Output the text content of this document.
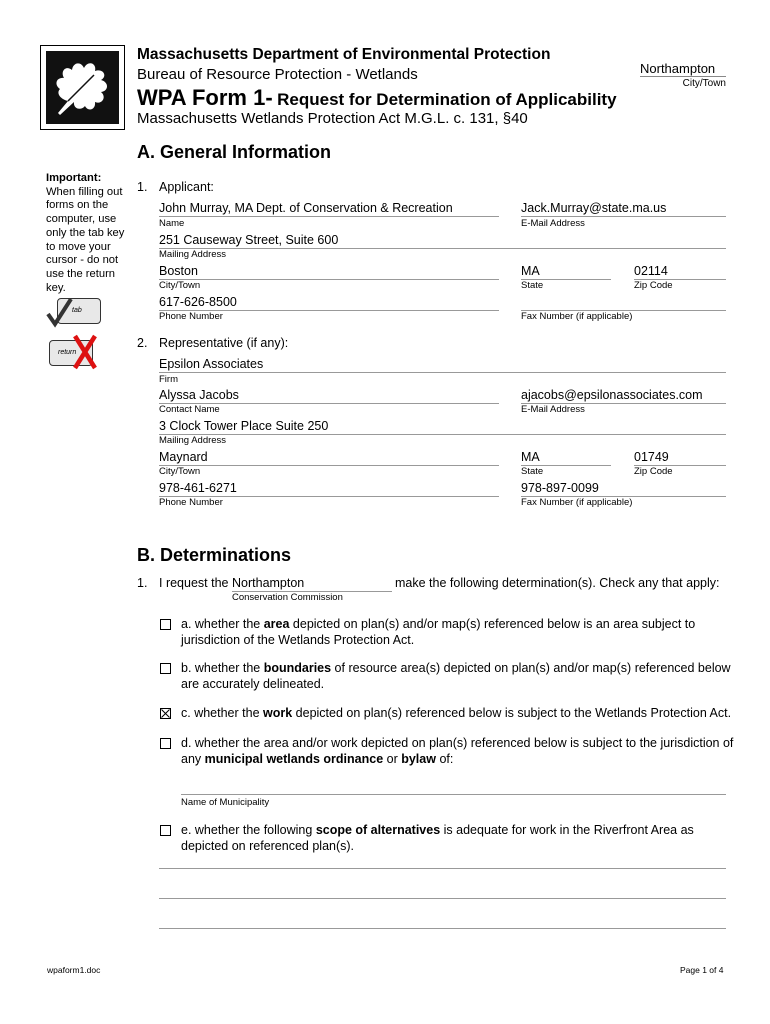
Massachusetts Department of Environmental Protection
Bureau of Resource Protection - Wetlands
WPA Form 1- Request for Determination of Applicability
Massachusetts Wetlands Protection Act M.G.L. c. 131, §40
Northampton
City/Town
A. General Information
Important:
When filling out forms on the computer, use only the tab key to move your cursor - do not use the return key.
tab
return
1. Applicant:
John Murray, MA Dept. of Conservation & Recreation
Name
Jack.Murray@state.ma.us
E-Mail Address
251 Causeway Street, Suite 600
Mailing Address
Boston
City/Town
MA
State
02114
Zip Code
617-626-8500
Phone Number	Fax Number (if applicable)
2. Representative (if any):
Epsilon Associates
Firm
Alyssa Jacobs
Contact Name
ajacobs@epsilonassociates.com
E-Mail Address
3 Clock Tower Place Suite 250
Mailing Address
Maynard
City/Town
MA
State
01749
Zip Code
978-461-6271
Phone Number
978-897-0099
Fax Number (if applicable)
B. Determinations
1. I request the Northampton	make the following determination(s). Check any that apply:
Conservation Commission
a. whether the area depicted on plan(s) and/or map(s) referenced below is an area subject to jurisdiction of the Wetlands Protection Act.
b. whether the boundaries of resource area(s) depicted on plan(s) and/or map(s) referenced below are accurately delineated.
c. whether the work depicted on plan(s) referenced below is subject to the Wetlands Protection Act.
d. whether the area and/or work depicted on plan(s) referenced below is subject to the jurisdiction of any municipal wetlands ordinance or bylaw of:
Name of Municipality
e. whether the following scope of alternatives is adequate for work in the Riverfront Area as depicted on referenced plan(s).
wpaform1.doc	Page 1 of 4
